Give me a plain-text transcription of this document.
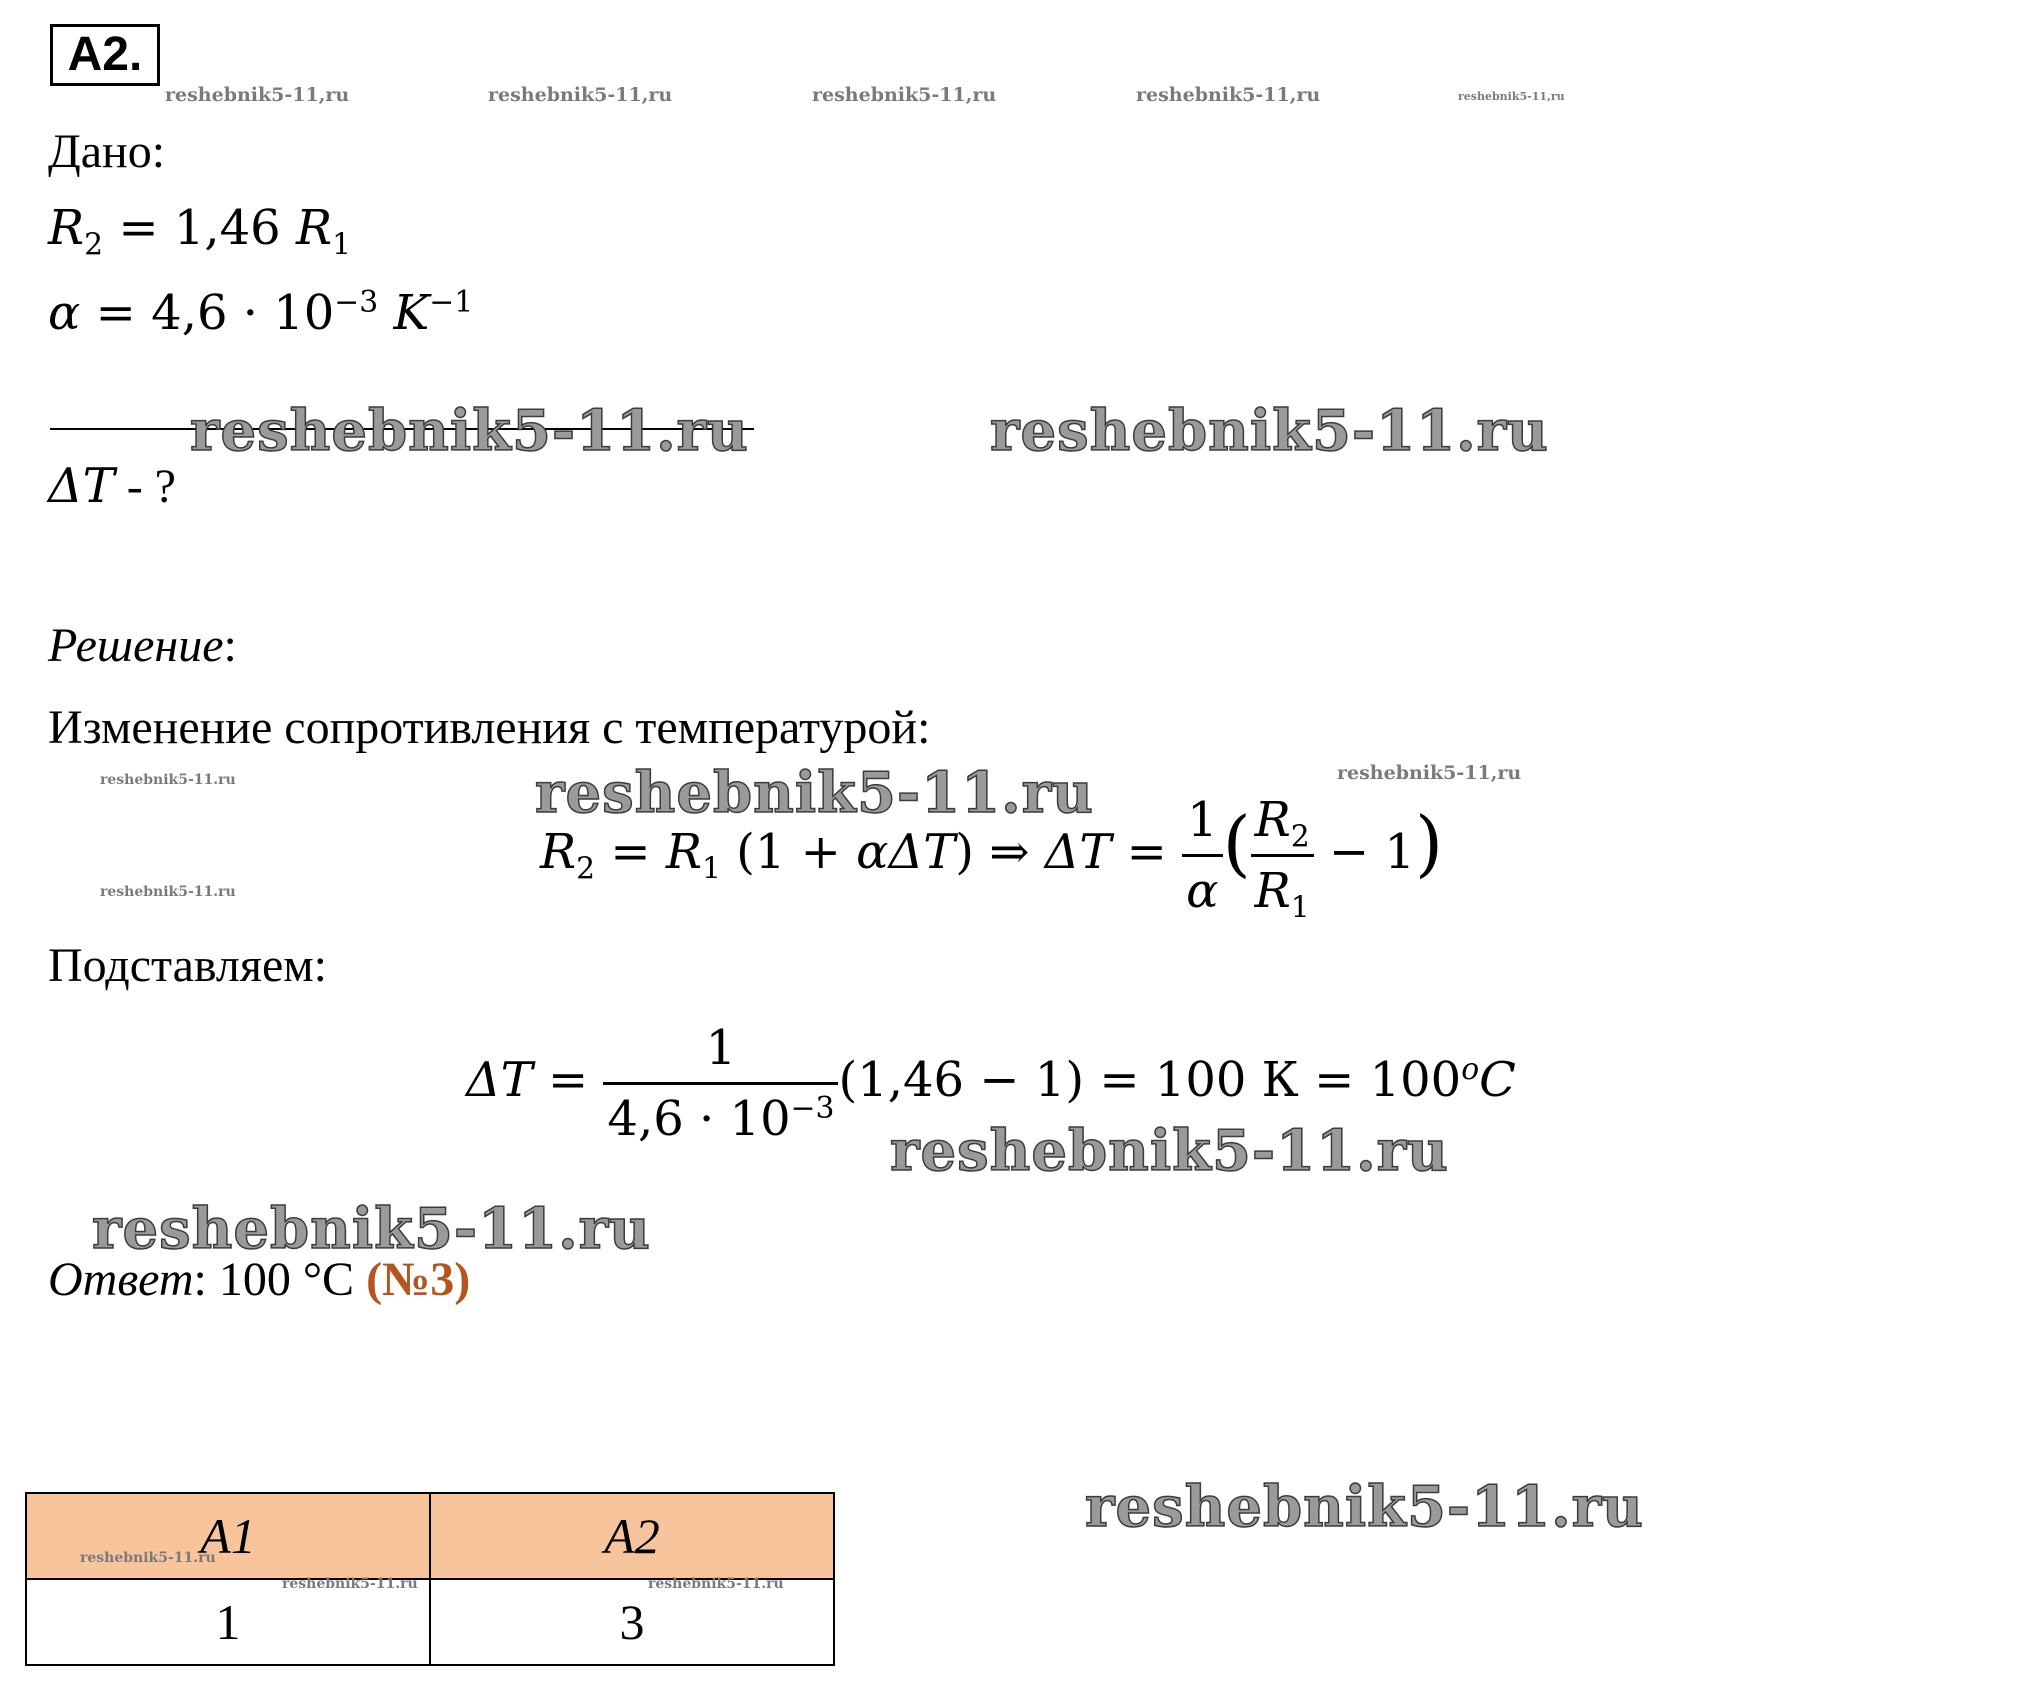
A2.
reshebnik5-11,ru	reshebnik5-11,ru	reshebnik5-11,ru	reshebnik5-11,ru	reshebnik5-11,ru
Дано:
$R_2 = 1,46$ $R_1$
$\alpha = 4,6 \cdot 10^{-3}$ $K^{-1}$
reshebnik5-11.ru	reshebnik5-11.ru
ΔT - ?
Решение:
Изменение сопротивления с температурой:
reshebnik5-11.ru
reshebnik5-11.ru
reshebnik5-11,ru
reshebnik5-11.ru
$R_2 = R_1$ (1 + αΔT) ⇒ $\Delta T = \frac{1}{\alpha}$ ( $\frac{R_2}{R_1} - 1$)
Подставляем:
$\Delta T = \frac{1}{4,6 \cdot 10^{-3}} (1,46 - 1) = 100$ $К = 100^oC$
reshebnik5-11.ru
reshebnik5-11.ru
Ответ: 100 °C (№3)
reshebnik5-11.ru
A1	A2
1	3
reshebnik5-11.ru
reshebnik5-11.ru	reshebnik5-11.ru
